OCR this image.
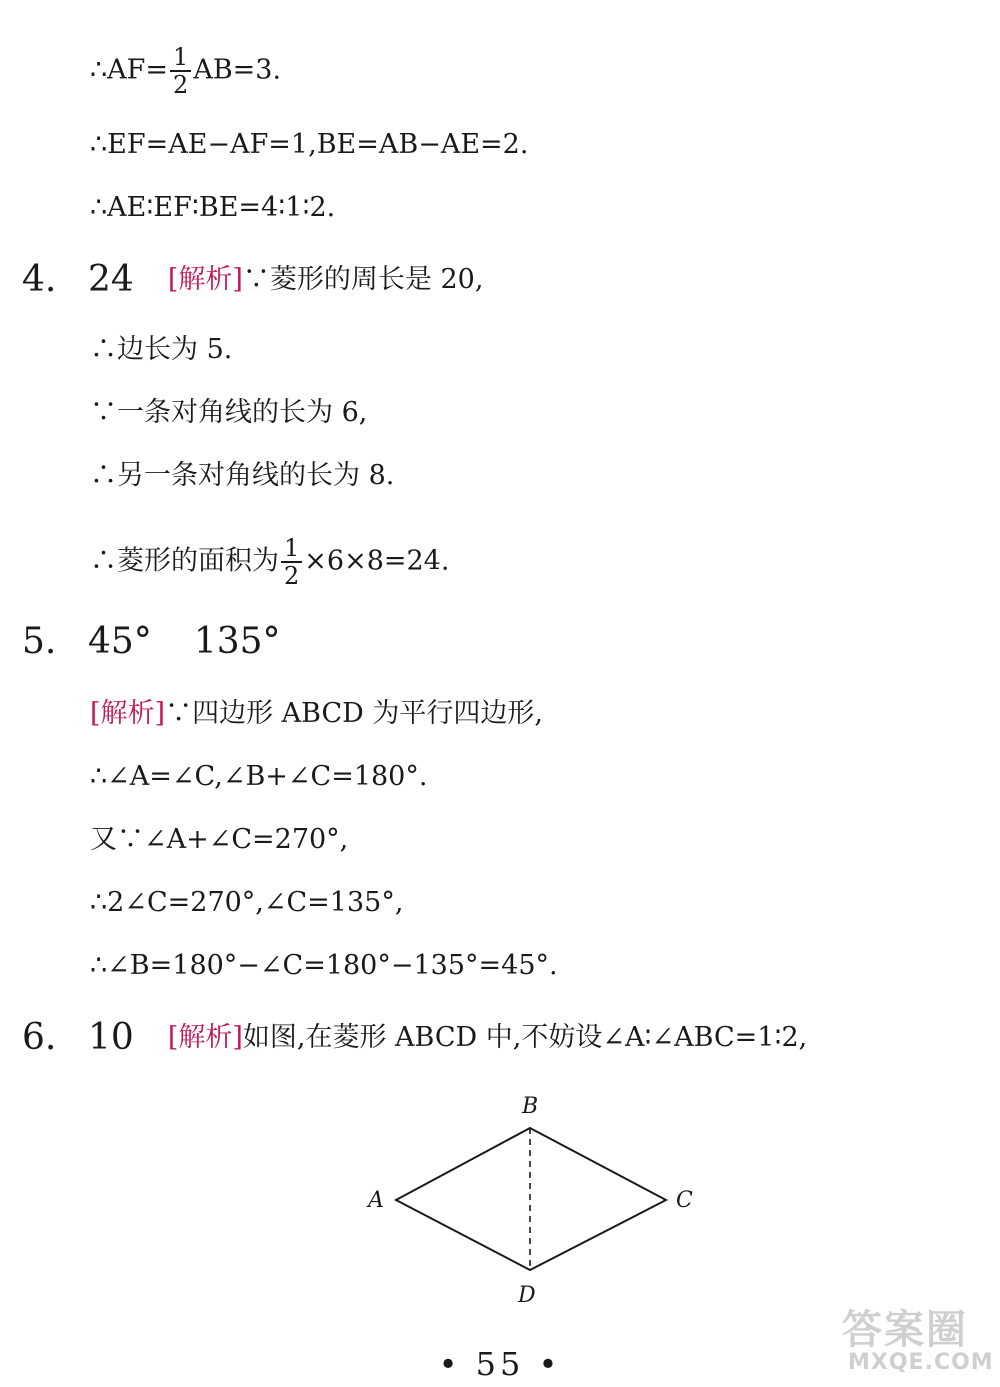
∴AF= $\frac{1}{2} AB=3$.
∴EF=AE−AF=1,BE=AB−AE=2.
∴AE∶EF∶BE=4∶1∶2.
4. 24 [解析]∵菱形的周长是 20,
∴边长为 5.
∵一条对角线的长为 6,
∴另一条对角线的长为 8.
∴菱形的面积为 $\frac{1}{2} \times 6\times 8=24$.
5. 45° 135°
[解析]∵四边形 ABCD 为平行四边形,
∴∠A=∠C,∠B+∠C=180°.
又∵∠A+∠C=270°,
∴2∠C=270°,∠C=135°,
∴∠B=180°−∠C=180°−135°=45°.
6. 10 [解析]如图,在菱形 ABCD 中,不妨设∠A∶∠ABC=1∶2,
B
A	C
D
• 55 •
答案圈
MXQE.COM
